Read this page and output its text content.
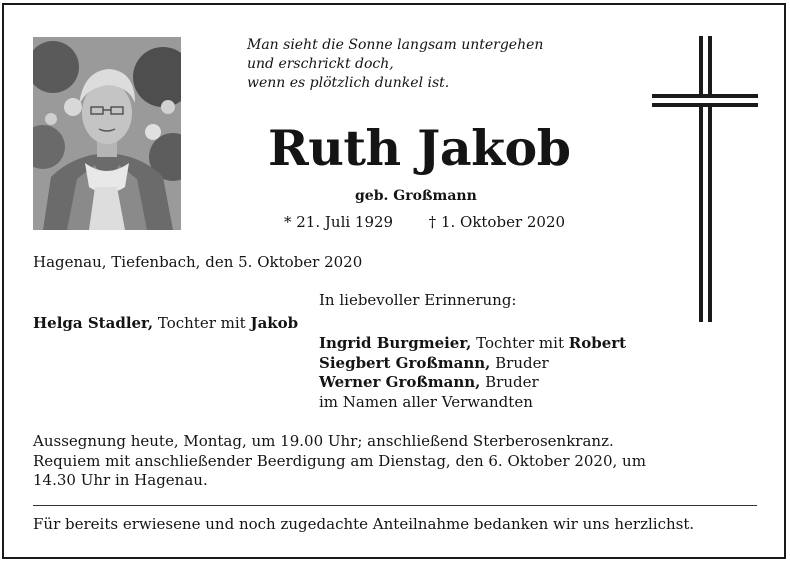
Man sieht die Sonne langsam untergehen
und erschrickt doch,
wenn es plötzlich dunkel ist.
Ruth Jakob
geb. Großmann
* 21. Juli 1929 † 1. Oktober 2020
Hagenau, Tiefenbach, den 5. Oktober 2020
In liebevoller Erinnerung:
Helga Stadler, Tochter mit Jakob
Ingrid Burgmeier, Tochter mit Robert
Siegbert Großmann, Bruder
Werner Großmann, Bruder
im Namen aller Verwandten
Aussegnung heute, Montag, um 19.00 Uhr; anschließend Sterberosenkranz.
Requiem mit anschließender Beerdigung am Dienstag, den 6. Oktober 2020, um
14.30 Uhr in Hagenau.
Für bereits erwiesene und noch zugedachte Anteilnahme bedanken wir uns herzlichst.
